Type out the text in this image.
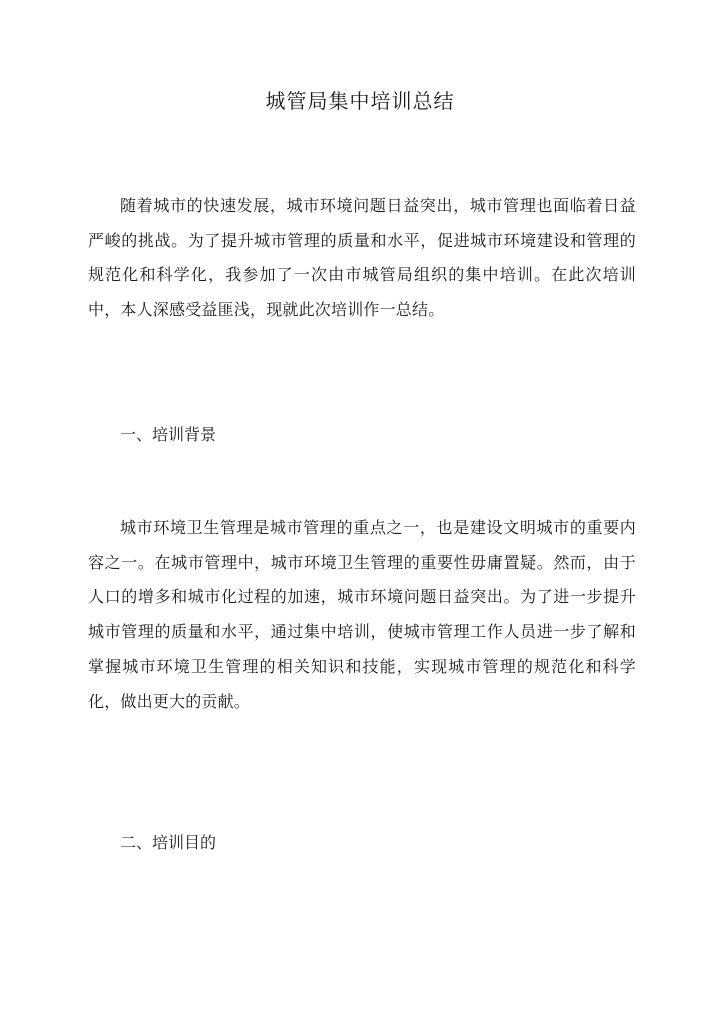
城管局集中培训总结

随着城市的快速发展，城市环境问题日益突出，城市管理也面临着日益严峻的挑战。为了提升城市管理的质量和水平，促进城市环境建设和管理的规范化和科学化，我参加了一次由市城管局组织的集中培训。在此次培训中，本人深感受益匪浅，现就此次培训作一总结。

一、培训背景

城市环境卫生管理是城市管理的重点之一，也是建设文明城市的重要内容之一。在城市管理中，城市环境卫生管理的重要性毋庸置疑。然而，由于人口的增多和城市化过程的加速，城市环境问题日益突出。为了进一步提升城市管理的质量和水平，通过集中培训，使城市管理工作人员进一步了解和掌握城市环境卫生管理的相关知识和技能，实现城市管理的规范化和科学化，做出更大的贡献。

二、培训目的
